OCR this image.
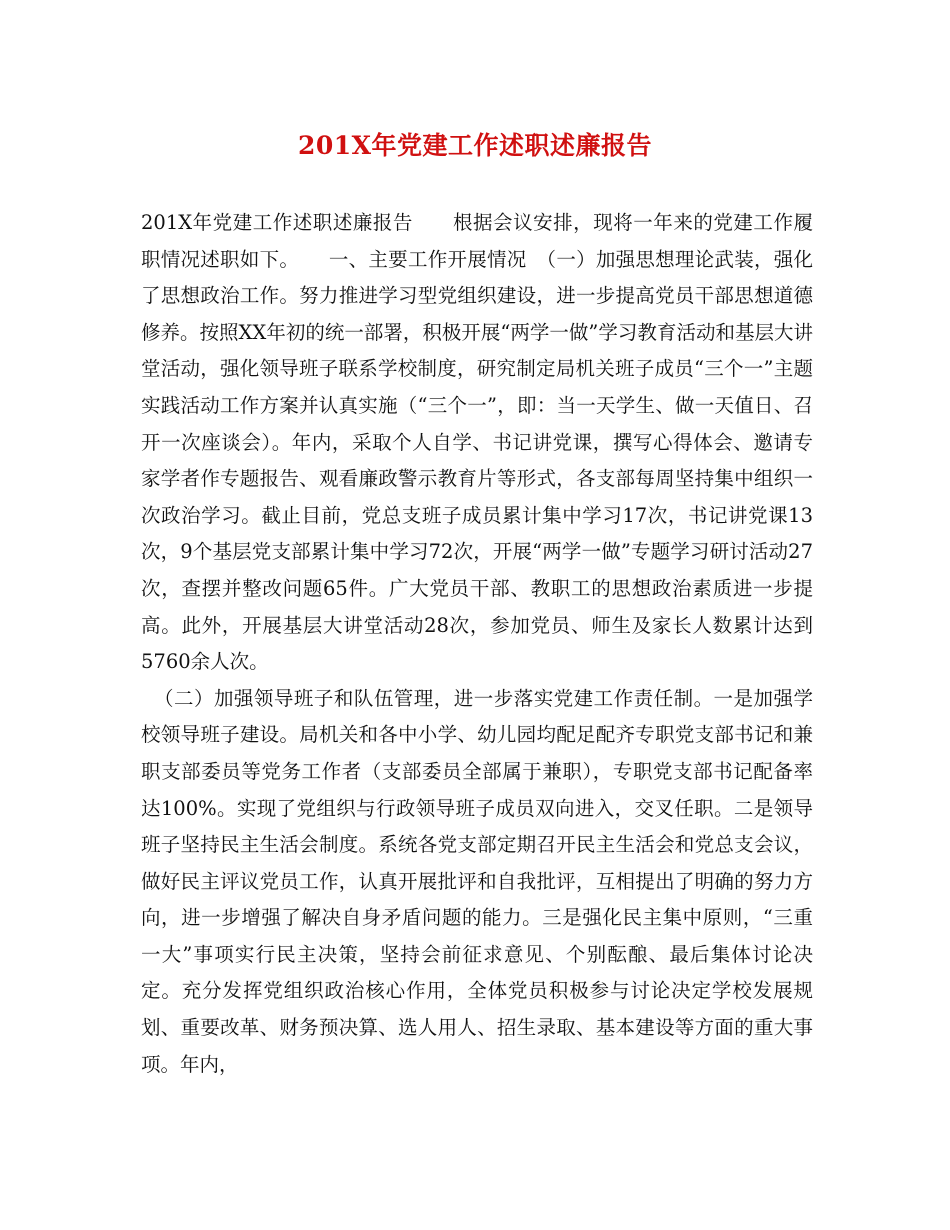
201X年党建工作述职述廉报告

201X年党建工作述职述廉报告　　根据会议安排，现将一年来的党建工作履职情况述职如下。　　一、主要工作开展情况　（一）加强思想理论武装，强化了思想政治工作。努力推进学习型党组织建设，进一步提高党员干部思想道德修养。按照XX年初的统一部署，积极开展“两学一做”学习教育活动和基层大讲堂活动，强化领导班子联系学校制度，研究制定局机关班子成员“三个一”主题实践活动工作方案并认真实施（“三个一”，即：当一天学生、做一天值日、召开一次座谈会）。年内，采取个人自学、书记讲党课，撰写心得体会、邀请专家学者作专题报告、观看廉政警示教育片等形式，各支部每周坚持集中组织一次政治学习。截止目前，党总支班子成员累计集中学习17次，书记讲党课13次，9个基层党支部累计集中学习72次，开展“两学一做”专题学习研讨活动27次，查摆并整改问题65件。广大党员干部、教职工的思想政治素质进一步提高。此外，开展基层大讲堂活动28次，参加党员、师生及家长人数累计达到5760余人次。

（二）加强领导班子和队伍管理，进一步落实党建工作责任制。一是加强学校领导班子建设。局机关和各中小学、幼儿园均配足配齐专职党支部书记和兼职支部委员等党务工作者（支部委员全部属于兼职），专职党支部书记配备率达100%。实现了党组织与行政领导班子成员双向进入，交叉任职。二是领导班子坚持民主生活会制度。系统各党支部定期召开民主生活会和党总支会议，做好民主评议党员工作，认真开展批评和自我批评，互相提出了明确的努力方向，进一步增强了解决自身矛盾问题的能力。三是强化民主集中原则，“三重一大”事项实行民主决策，坚持会前征求意见、个别酝酿、最后集体讨论决定。充分发挥党组织政治核心作用，全体党员积极参与讨论决定学校发展规划、重要改革、财务预决算、选人用人、招生录取、基本建设等方面的重大事项。年内，
